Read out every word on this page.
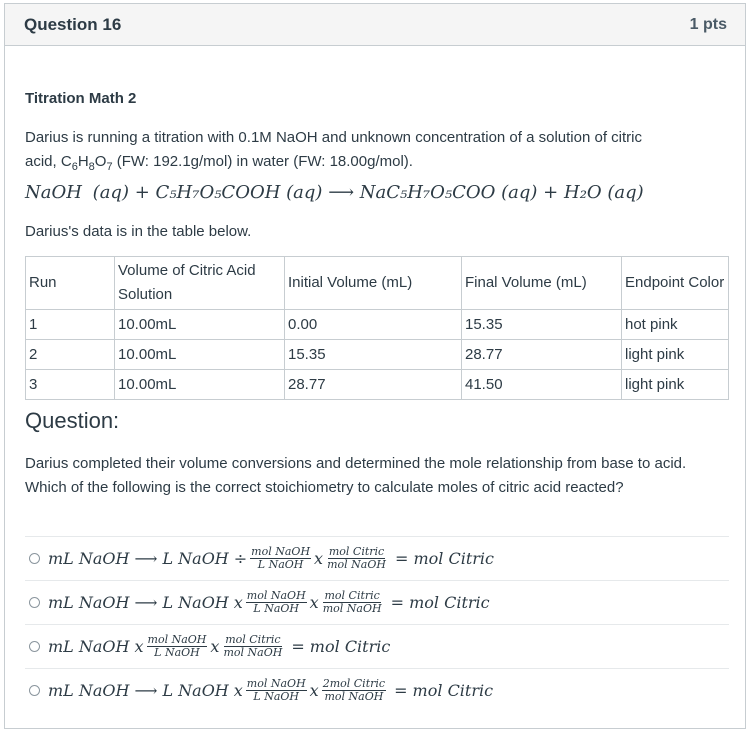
Question 16	1 pts
Titration Math 2
Darius is running a titration with 0.1M NaOH and unknown concentration of a solution of citric
acid, $C_6H_8O_7$ (FW: 192.1g/mol) in water (FW: 18.00g/mol).
NaOH (aq) + C₅H₇O₅COOH (aq) ⟶ NaC₅H₇O₅COO (aq) + H₂O (aq)
Darius's data is in the table below.
Run	Volume of Citric Acid Solution	Initial Volume (mL)	Final Volume (mL)	Endpoint Color
1	10.00mL	0.00	15.35	hot pink
2	10.00mL	15.35	28.77	light pink
3	10.00mL	28.77	41.50	light pink
Question:
Darius completed their volume conversions and determined the mole relationship from base to acid.
Which of the following is the correct stoichiometry to calculate moles of citric acid reacted?
mL NaOH ⟶ L NaOH ÷ $\frac{\text{mol NaOH}}{\text{L NaOH}}$ x $\frac{\text{mol Citric}}{\text{mol NaOH}}$ = mol Citric
mL NaOH ⟶ L NaOH x $\frac{\text{mol NaOH}}{\text{L NaOH}}$ x $\frac{\text{mol Citric}}{\text{mol NaOH}}$ = mol Citric
mL NaOH x $\frac{\text{mol NaOH}}{\text{L NaOH}}$ x $\frac{\text{mol Citric}}{\text{mol NaOH}}$ = mol Citric
mL NaOH ⟶ L NaOH x $\frac{\text{mol NaOH}}{\text{L NaOH}}$ x $\frac{\text{2mol Citric}}{\text{mol NaOH}}$ = mol Citric
